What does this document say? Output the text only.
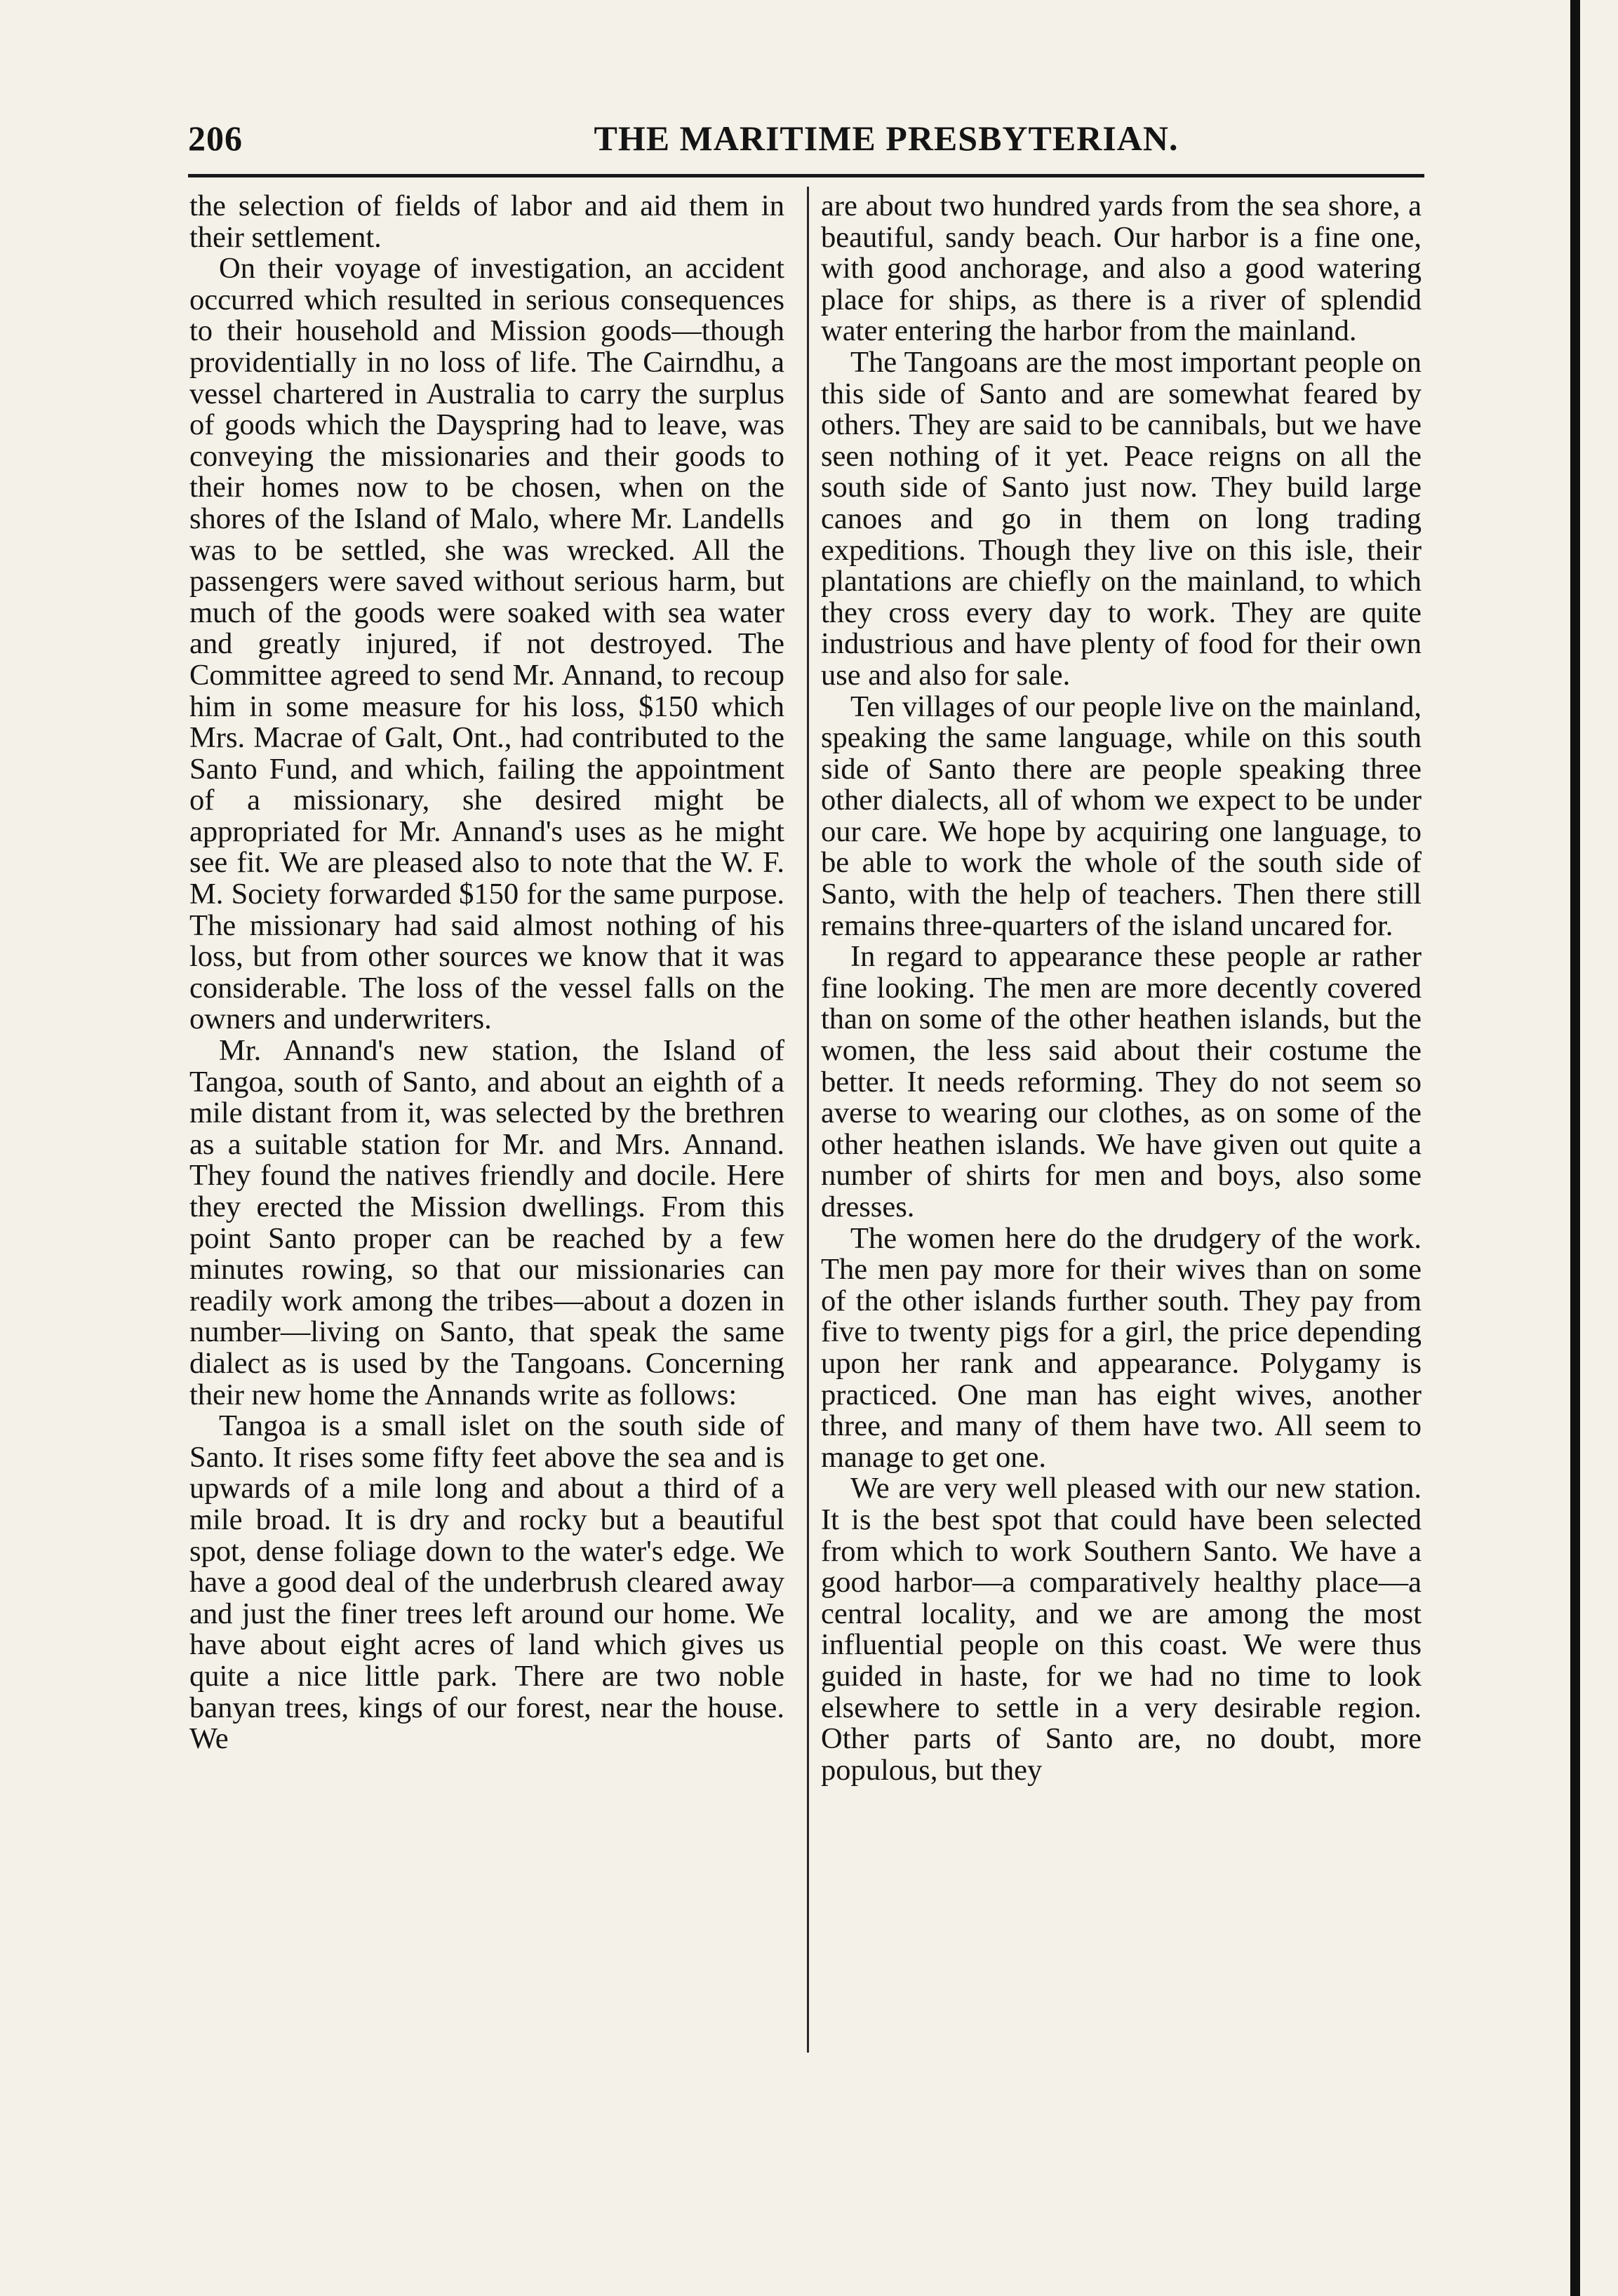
206	THE MARITIME PRESBYTERIAN.

the selection of fields of labor and aid them in their settlement.

On their voyage of investigation, an accident occurred which resulted in serious consequences to their household and Mission goods—though providentially in no loss of life. The Cairndhu, a vessel chartered in Australia to carry the surplus of goods which the Dayspring had to leave, was conveying the missionaries and their goods to their homes now to be chosen, when on the shores of the Island of Malo, where Mr. Landells was to be settled, she was wrecked. All the passengers were saved without serious harm, but much of the goods were soaked with sea water and greatly injured, if not destroyed. The Committee agreed to send Mr. Annand, to recoup him in some measure for his loss, $150 which Mrs. Macrae of Galt, Ont., had contributed to the Santo Fund, and which, failing the appointment of a missionary, she desired might be appropriated for Mr. Annand's uses as he might see fit. We are pleased also to note that the W. F. M. Society forwarded $150 for the same purpose. The missionary had said almost nothing of his loss, but from other sources we know that it was considerable. The loss of the vessel falls on the owners and underwriters.

Mr. Annand's new station, the Island of Tangoa, south of Santo, and about an eighth of a mile distant from it, was selected by the brethren as a suitable station for Mr. and Mrs. Annand. They found the natives friendly and docile. Here they erected the Mission dwellings. From this point Santo proper can be reached by a few minutes rowing, so that our missionaries can readily work among the tribes—about a dozen in number—living on Santo, that speak the same dialect as is used by the Tangoans. Concerning their new home the Annands write as follows:

Tangoa is a small islet on the south side of Santo. It rises some fifty feet above the sea and is upwards of a mile long and about a third of a mile broad. It is dry and rocky but a beautiful spot, dense foliage down to the water's edge. We have a good deal of the underbrush cleared away and just the finer trees left around our home. We have about eight acres of land which gives us quite a nice little park. There are two noble banyan trees, kings of our forest, near the house. We

are about two hundred yards from the sea shore, a beautiful, sandy beach. Our harbor is a fine one, with good anchorage, and also a good watering place for ships, as there is a river of splendid water entering the harbor from the mainland.

The Tangoans are the most important people on this side of Santo and are somewhat feared by others. They are said to be cannibals, but we have seen nothing of it yet. Peace reigns on all the south side of Santo just now. They build large canoes and go in them on long trading expeditions. Though they live on this isle, their plantations are chiefly on the mainland, to which they cross every day to work. They are quite industrious and have plenty of food for their own use and also for sale.

Ten villages of our people live on the mainland, speaking the same language, while on this south side of Santo there are people speaking three other dialects, all of whom we expect to be under our care. We hope by acquiring one language, to be able to work the whole of the south side of Santo, with the help of teachers. Then there still remains three-quarters of the island uncared for.

In regard to appearance these people ar rather fine looking. The men are more decently covered than on some of the other heathen islands, but the women, the less said about their costume the better. It needs reforming. They do not seem so averse to wearing our clothes, as on some of the other heathen islands. We have given out quite a number of shirts for men and boys, also some dresses.

The women here do the drudgery of the work. The men pay more for their wives than on some of the other islands further south. They pay from five to twenty pigs for a girl, the price depending upon her rank and appearance. Polygamy is practiced. One man has eight wives, another three, and many of them have two. All seem to manage to get one.

We are very well pleased with our new station. It is the best spot that could have been selected from which to work Southern Santo. We have a good harbor—a comparatively healthy place—a central locality, and we are among the most influential people on this coast. We were thus guided in haste, for we had no time to look elsewhere to settle in a very desirable region. Other parts of Santo are, no doubt, more populous, but they
